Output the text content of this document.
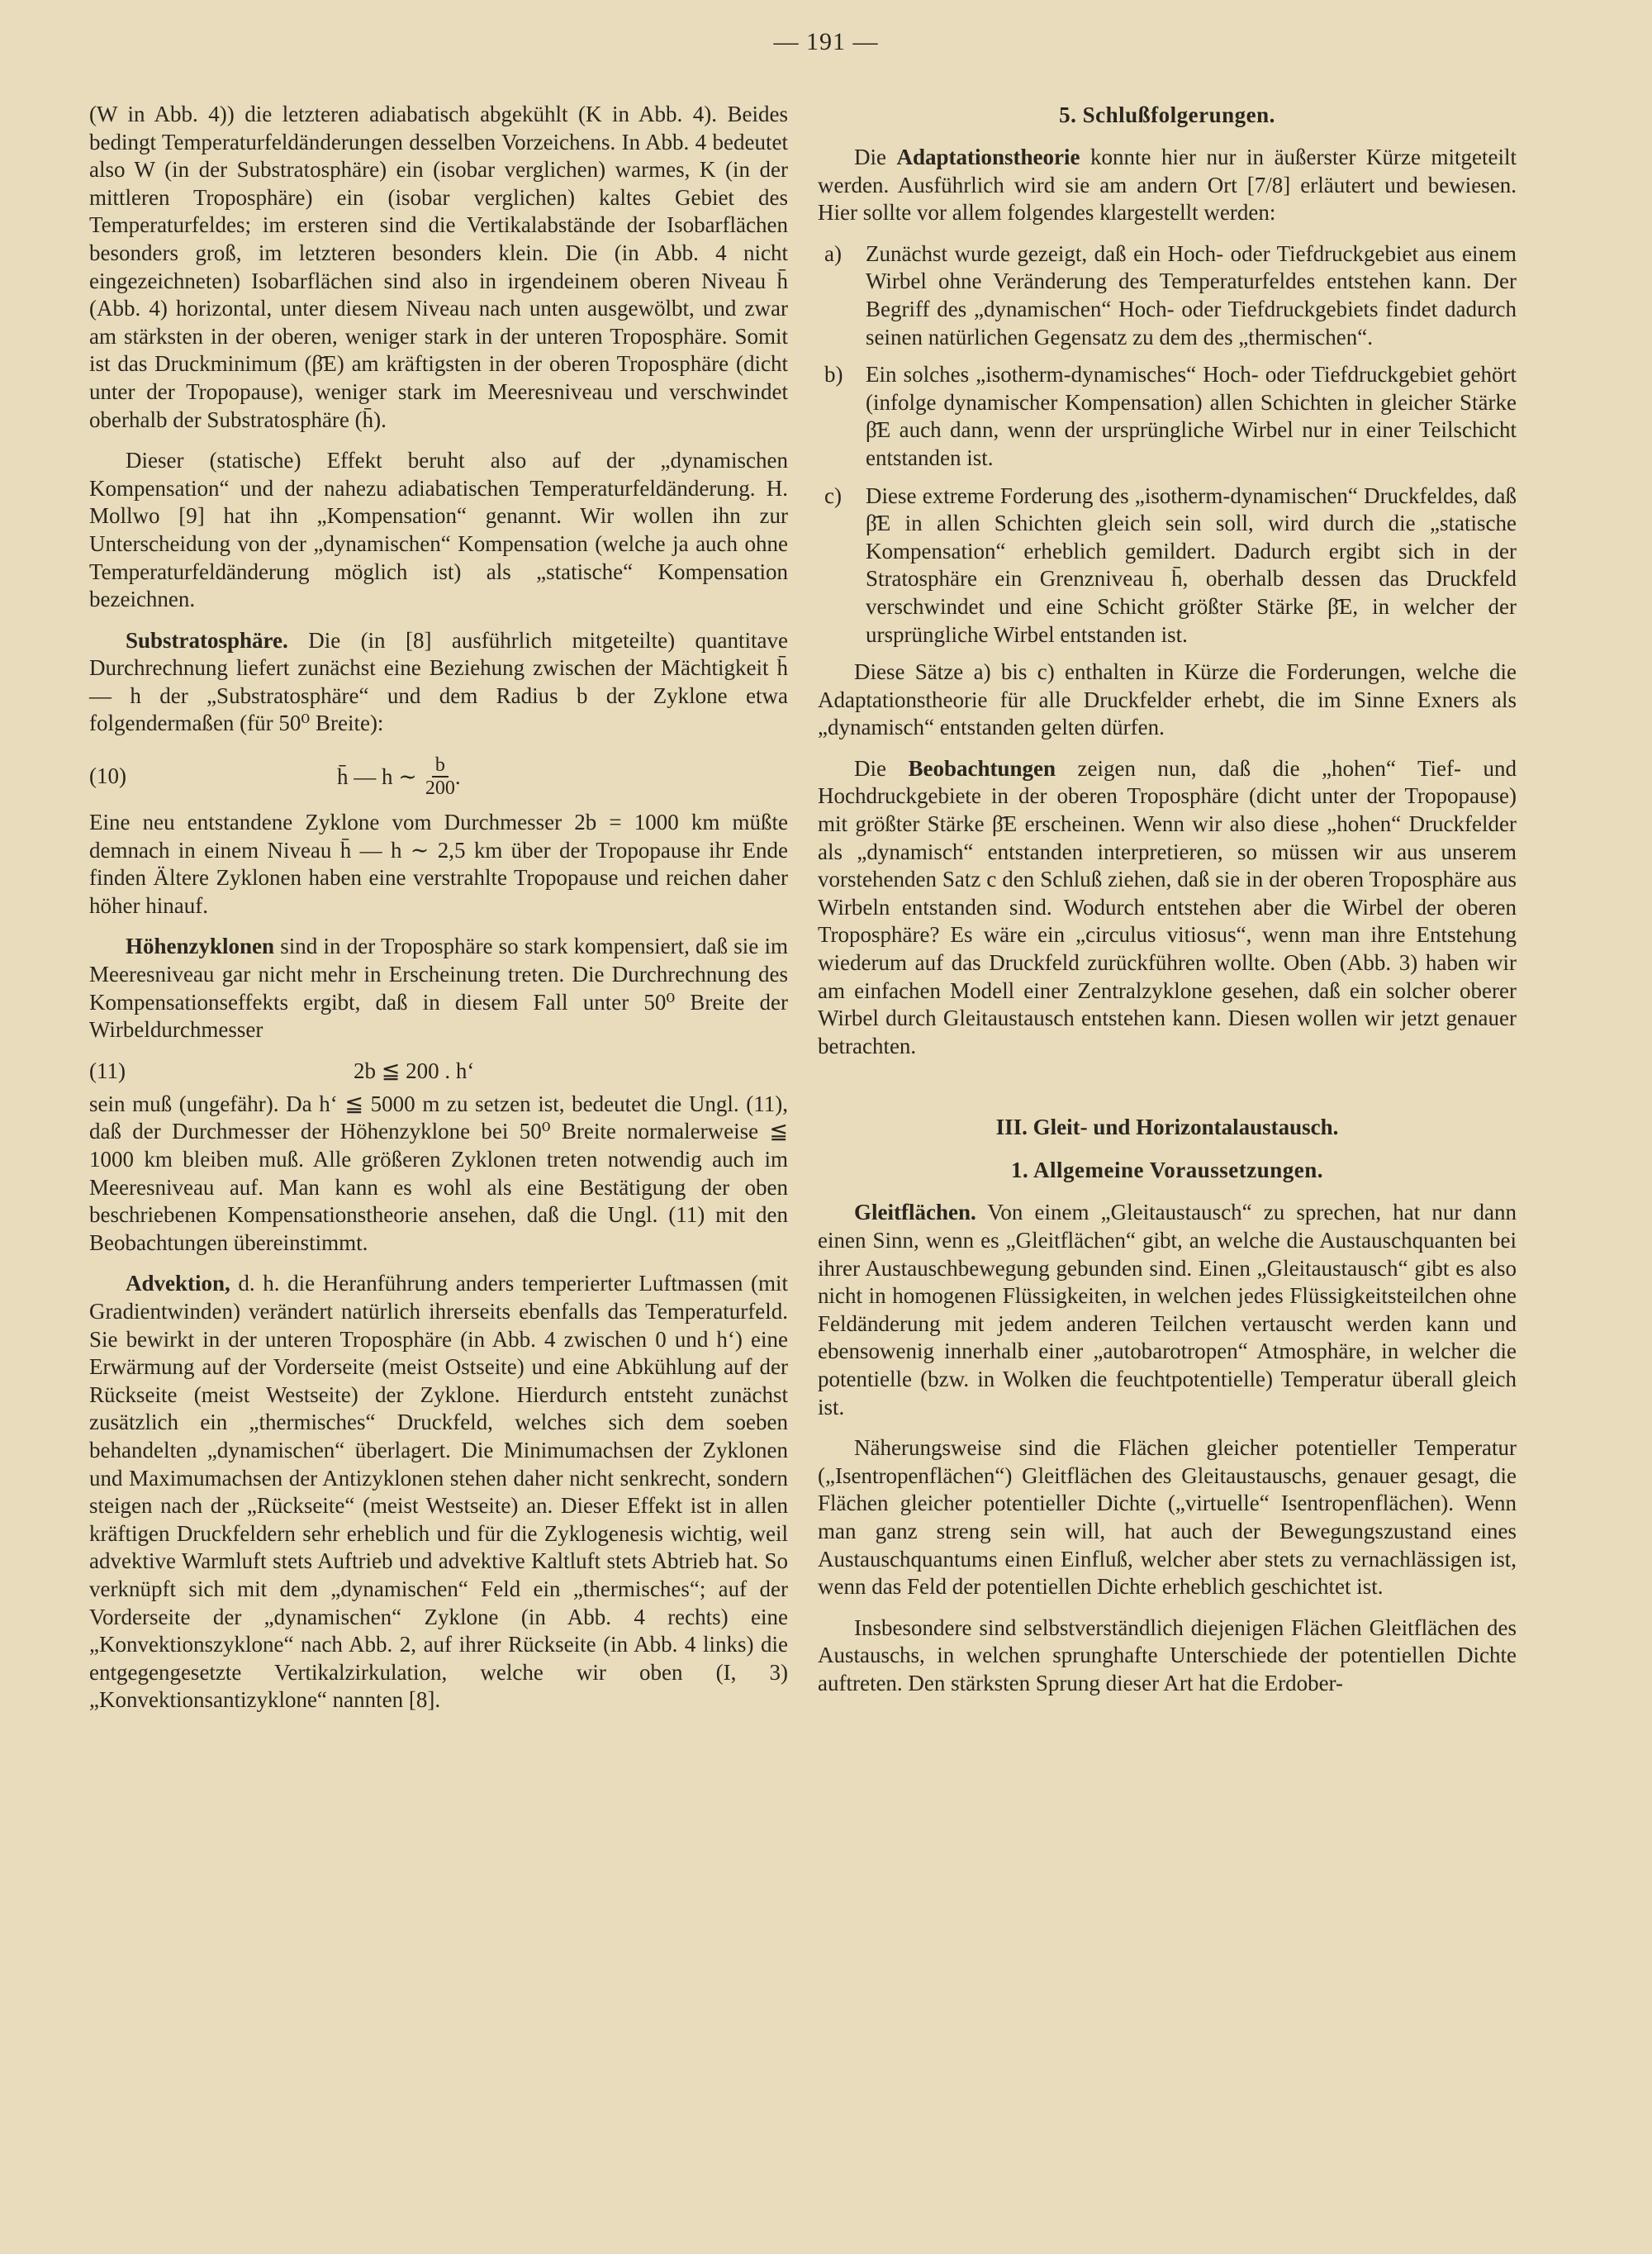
— 191 —

(W in Abb. 4)) die letzteren adiabatisch abgekühlt (K in Abb. 4). Beides bedingt Temperaturfeldänderungen desselben Vorzeichens. In Abb. 4 bedeutet also W (in der Substratosphäre) ein (isobar verglichen) warmes, K (in der mittleren Troposphäre) ein (isobar verglichen) kaltes Gebiet des Temperaturfeldes; im ersteren sind die Vertikalabstände der Isobarflächen besonders groß, im letzteren besonders klein. Die (in Abb. 4 nicht eingezeichneten) Isobarflächen sind also in irgendeinem oberen Niveau h̄ (Abb. 4) horizontal, unter diesem Niveau nach unten ausgewölbt, und zwar am stärksten in der oberen, weniger stark in der unteren Troposphäre. Somit ist das Druckminimum (β̄E) am kräftigsten in der oberen Troposphäre (dicht unter der Tropopause), weniger stark im Meeresniveau und verschwindet oberhalb der Substratosphäre (h̄).

Dieser (statische) Effekt beruht also auf der „dynamischen Kompensation“ und der nahezu adiabatischen Temperaturfeldänderung. H. Mollwo [9] hat ihn „Kompensation“ genannt. Wir wollen ihn zur Unterscheidung von der „dynamischen“ Kompensation (welche ja auch ohne Temperaturfeldänderung möglich ist) als „statische“ Kompensation bezeichnen.

Substratosphäre. Die (in [8] ausführlich mitgeteilte) quantitave Durchrechnung liefert zunächst eine Beziehung zwischen der Mächtigkeit h̄ — h der „Substratosphäre“ und dem Radius b der Zyklone etwa folgendermaßen (für 50⁰ Breite):

(10)	h̄ — h ∼ $\frac{b}{200}$ .

Eine neu entstandene Zyklone vom Durchmesser 2b = 1000 km müßte demnach in einem Niveau h̄ — h ∼ 2,5 km über der Tropopause ihr Ende finden Ältere Zyklonen haben eine verstrahlte Tropopause und reichen daher höher hinauf.

Höhenzyklonen sind in der Troposphäre so stark kompensiert, daß sie im Meeresniveau gar nicht mehr in Erscheinung treten. Die Durchrechnung des Kompensationseffekts ergibt, daß in diesem Fall unter 50⁰ Breite der Wirbeldurchmesser

(11)	2b ≦ 200 . h‘

sein muß (ungefähr). Da h‘ ≦ 5000 m zu setzen ist, bedeutet die Ungl. (11), daß der Durchmesser der Höhenzyklone bei 50⁰ Breite normalerweise ≦ 1000 km bleiben muß. Alle größeren Zyklonen treten notwendig auch im Meeresniveau auf. Man kann es wohl als eine Bestätigung der oben beschriebenen Kompensationstheorie ansehen, daß die Ungl. (11) mit den Beobachtungen übereinstimmt.

Advektion, d. h. die Heranführung anders temperierter Luftmassen (mit Gradientwinden) verändert natürlich ihrerseits ebenfalls das Temperaturfeld. Sie bewirkt in der unteren Troposphäre (in Abb. 4 zwischen 0 und h‘) eine Erwärmung auf der Vorderseite (meist Ostseite) und eine Abkühlung auf der Rückseite (meist Westseite) der Zyklone. Hierdurch entsteht zunächst zusätzlich ein „thermisches“ Druckfeld, welches sich dem soeben behandelten „dynamischen“ überlagert. Die Minimumachsen der Zyklonen und Maximumachsen der Antizyklonen stehen daher nicht senkrecht, sondern steigen nach der „Rückseite“ (meist Westseite) an. Dieser Effekt ist in allen kräftigen Druckfeldern sehr erheblich und für die Zyklogenesis wichtig, weil advektive Warmluft stets Auftrieb und advektive Kaltluft stets Abtrieb hat. So verknüpft sich mit dem „dynamischen“ Feld ein „thermisches“; auf der Vorderseite der „dynamischen“ Zyklone (in Abb. 4 rechts) eine „Konvektionszyklone“ nach Abb. 2, auf ihrer Rückseite (in Abb. 4 links) die entgegengesetzte Vertikalzirkulation, welche wir oben (I, 3) „Konvektionsantizyklone“ nannten [8].

5. Schlußfolgerungen.

Die Adaptationstheorie konnte hier nur in äußerster Kürze mitgeteilt werden. Ausführlich wird sie am andern Ort [7/8] erläutert und bewiesen. Hier sollte vor allem folgendes klargestellt werden:

a) Zunächst wurde gezeigt, daß ein Hoch- oder Tiefdruckgebiet aus einem Wirbel ohne Veränderung des Temperaturfeldes entstehen kann. Der Begriff des „dynamischen“ Hoch- oder Tiefdruckgebiets findet dadurch seinen natürlichen Gegensatz zu dem des „thermischen“.

b) Ein solches „isotherm-dynamisches“ Hoch- oder Tiefdruckgebiet gehört (infolge dynamischer Kompensation) allen Schichten in gleicher Stärke β̄E auch dann, wenn der ursprüngliche Wirbel nur in einer Teilschicht entstanden ist.

c) Diese extreme Forderung des „isotherm-dynamischen“ Druckfeldes, daß β̄E in allen Schichten gleich sein soll, wird durch die „statische Kompensation“ erheblich gemildert. Dadurch ergibt sich in der Stratosphäre ein Grenzniveau h̄, oberhalb dessen das Druckfeld verschwindet und eine Schicht größter Stärke β̄E, in welcher der ursprüngliche Wirbel entstanden ist.

Diese Sätze a) bis c) enthalten in Kürze die Forderungen, welche die Adaptationstheorie für alle Druckfelder erhebt, die im Sinne Exners als „dynamisch“ entstanden gelten dürfen.

Die Beobachtungen zeigen nun, daß die „hohen“ Tief- und Hochdruckgebiete in der oberen Troposphäre (dicht unter der Tropopause) mit größter Stärke β̄E erscheinen. Wenn wir also diese „hohen“ Druckfelder als „dynamisch“ entstanden interpretieren, so müssen wir aus unserem vorstehenden Satz c den Schluß ziehen, daß sie in der oberen Troposphäre aus Wirbeln entstanden sind. Wodurch entstehen aber die Wirbel der oberen Troposphäre? Es wäre ein „circulus vitiosus“, wenn man ihre Entstehung wiederum auf das Druckfeld zurückführen wollte. Oben (Abb. 3) haben wir am einfachen Modell einer Zentralzyklone gesehen, daß ein solcher oberer Wirbel durch Gleitaustausch entstehen kann. Diesen wollen wir jetzt genauer betrachten.

III. Gleit- und Horizontalaustausch.
1. Allgemeine Voraussetzungen.

Gleitflächen. Von einem „Gleitaustausch“ zu sprechen, hat nur dann einen Sinn, wenn es „Gleitflächen“ gibt, an welche die Austauschquanten bei ihrer Austauschbewegung gebunden sind. Einen „Gleitaustausch“ gibt es also nicht in homogenen Flüssigkeiten, in welchen jedes Flüssigkeitsteilchen ohne Feldänderung mit jedem anderen Teilchen vertauscht werden kann und ebensowenig innerhalb einer „autobarotropen“ Atmosphäre, in welcher die potentielle (bzw. in Wolken die feuchtpotentielle) Temperatur überall gleich ist.

Näherungsweise sind die Flächen gleicher potentieller Temperatur („Isentropenflächen“) Gleitflächen des Gleitaustauschs, genauer gesagt, die Flächen gleicher potentieller Dichte („virtuelle“ Isentropenflächen). Wenn man ganz streng sein will, hat auch der Bewegungszustand eines Austauschquantums einen Einfluß, welcher aber stets zu vernachlässigen ist, wenn das Feld der potentiellen Dichte erheblich geschichtet ist.

Insbesondere sind selbstverständlich diejenigen Flächen Gleitflächen des Austauschs, in welchen sprunghafte Unterschiede der potentiellen Dichte auftreten. Den stärksten Sprung dieser Art hat die Erdober-
